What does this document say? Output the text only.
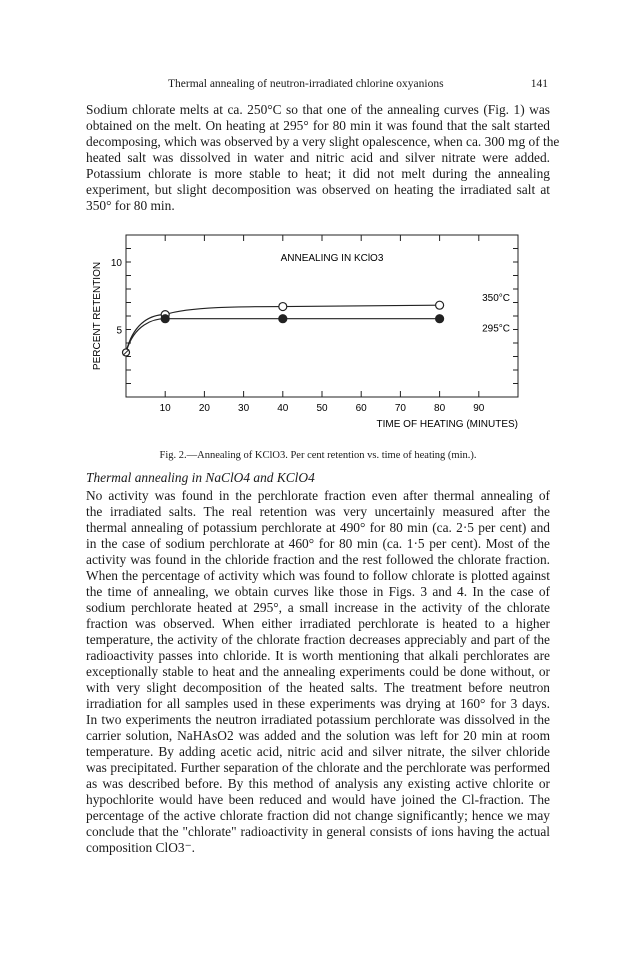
Thermal annealing of neutron-irradiated chlorine oxyanions	141
Sodium chlorate melts at ca. 250°C so that one of the annealing curves (Fig. 1) was
obtained on the melt. On heating at 295° for 80 min it was found that the salt started
decomposing, which was observed by a very slight opalescence, when ca. 300 mg of the
heated salt was dissolved in water and nitric acid and silver nitrate were added.
Potassium chlorate is more stable to heat; it did not melt during the annealing
experiment, but slight decomposition was observed on heating the irradiated salt at
350° for 80 min.
10	20	30	40	50	60	70	80	90
5
10
TIME OF HEATING (MINUTES)
PERCENT RETENTION
ANNEALING IN KClO3
350°C
295°C
Fig. 2.—Annealing of KClO3. Per cent retention vs. time of heating (min.).
Thermal annealing in NaClO4 and KClO4
No activity was found in the perchlorate fraction even after thermal annealing of
the irradiated salts. The real retention was very uncertainly measured after the
thermal annealing of potassium perchlorate at 490° for 80 min (ca. 2·5 per cent) and
in the case of sodium perchlorate at 460° for 80 min (ca. 1·5 per cent). Most of the
activity was found in the chloride fraction and the rest followed the chlorate fraction.
When the percentage of activity which was found to follow chlorate is plotted against
the time of annealing, we obtain curves like those in Figs. 3 and 4. In the case of
sodium perchlorate heated at 295°, a small increase in the activity of the chlorate
fraction was observed. When either irradiated perchlorate is heated to a higher
temperature, the activity of the chlorate fraction decreases appreciably and part of the
radioactivity passes into chloride. It is worth mentioning that alkali perchlorates are
exceptionally stable to heat and the annealing experiments could be done without, or
with very slight decomposition of the heated salts. The treatment before neutron
irradiation for all samples used in these experiments was drying at 160° for 3 days.
In two experiments the neutron irradiated potassium perchlorate was dissolved in the
carrier solution, NaHAsO2 was added and the solution was left for 20 min at room
temperature. By adding acetic acid, nitric acid and silver nitrate, the silver chloride
was precipitated. Further separation of the chlorate and the perchlorate was performed
as was described before. By this method of analysis any existing active chlorite or
hypochlorite would have been reduced and would have joined the Cl-fraction. The
percentage of the active chlorate fraction did not change significantly; hence we may
conclude that the "chlorate" radioactivity in general consists of ions having the actual
composition ClO3⁻.
